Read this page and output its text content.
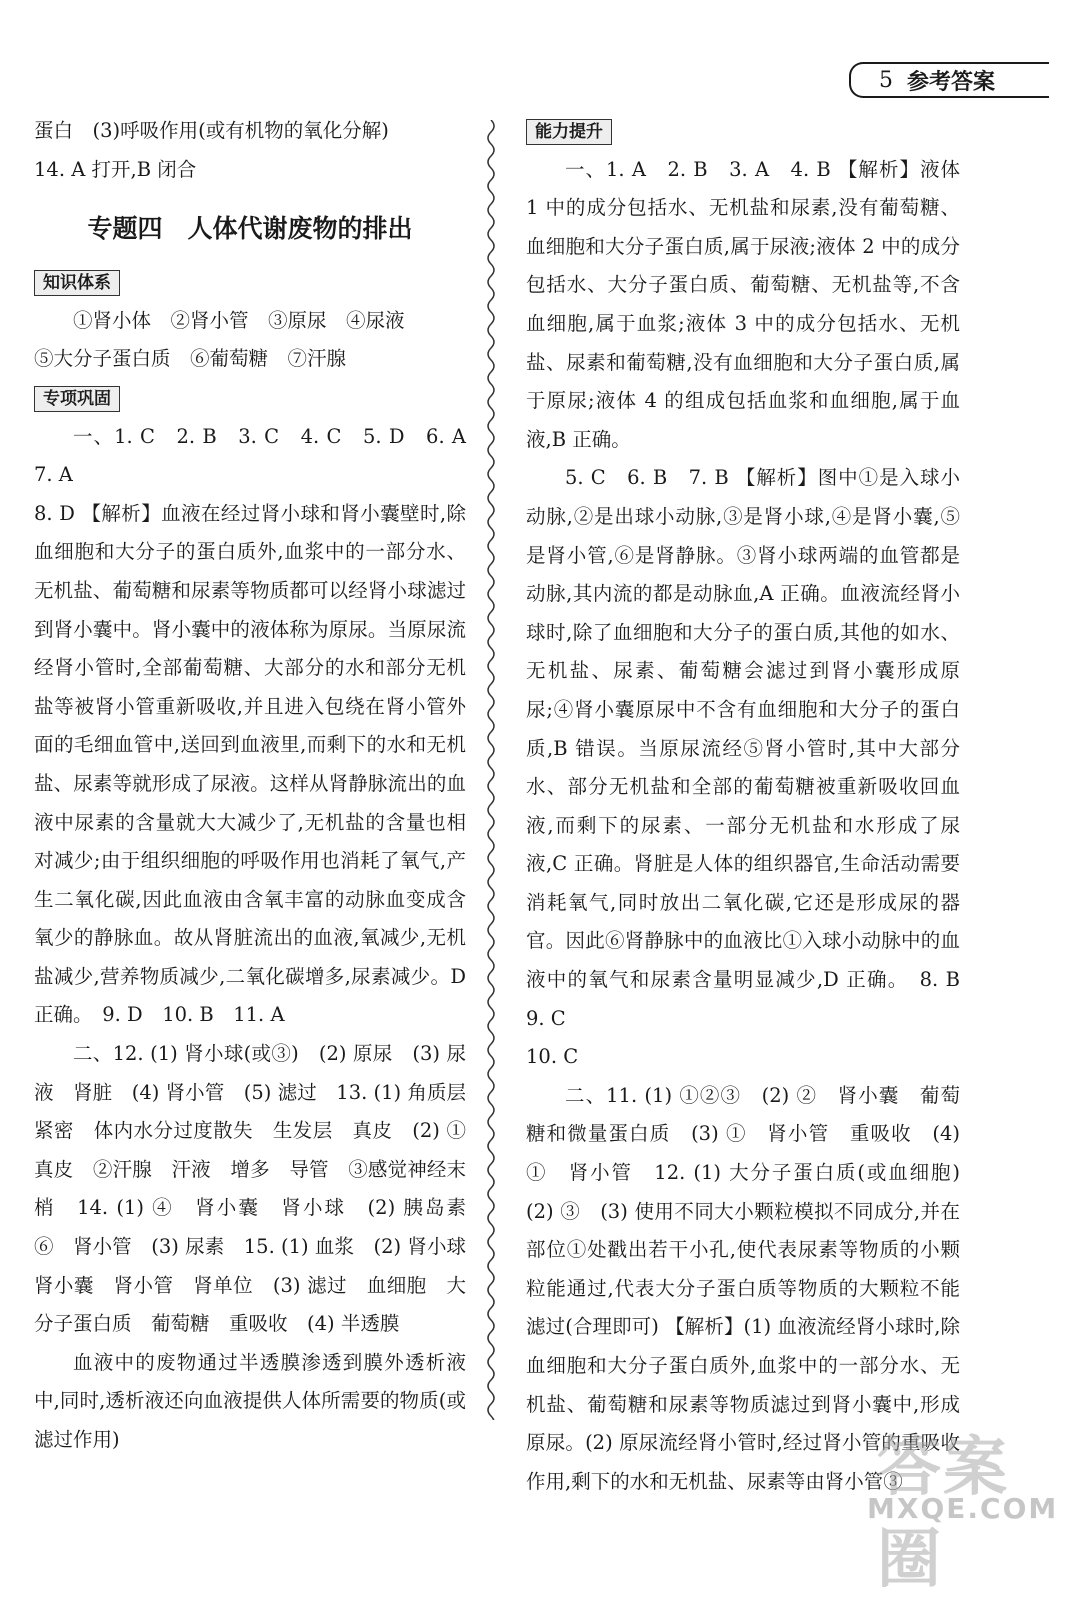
5 参考答案

蛋白　(3)呼吸作用(或有机物的氧化分解)

14. A 打开,B 闭合

专题四　人体代谢废物的排出
知识体系

①肾小体　②肾小管　③原尿　④尿液

⑤大分子蛋白质　⑥葡萄糖　⑦汗腺

专项巩固

一、1. C　2. B　3. C　4. C　5. D　6. A　7. A

8. D 【解析】血液在经过肾小球和肾小囊壁时,除血细胞和大分子的蛋白质外,血浆中的一部分水、无机盐、葡萄糖和尿素等物质都可以经肾小球滤过到肾小囊中。肾小囊中的液体称为原尿。当原尿流经肾小管时,全部葡萄糖、大部分的水和部分无机盐等被肾小管重新吸收,并且进入包绕在肾小管外面的毛细血管中,送回到血液里,而剩下的水和无机盐、尿素等就形成了尿液。这样从肾静脉流出的血液中尿素的含量就大大减少了,无机盐的含量也相对减少;由于组织细胞的呼吸作用也消耗了氧气,产生二氧化碳,因此血液由含氧丰富的动脉血变成含氧少的静脉血。故从肾脏流出的血液,氧减少,无机盐减少,营养物质减少,二氧化碳增多,尿素减少。D 正确。　9. D　10. B　11. A

二、12. (1) 肾小球(或③)　(2) 原尿　(3) 尿液　肾脏　(4) 肾小管　(5) 滤过　13. (1) 角质层紧密　体内水分过度散失　生发层　真皮　(2) ①真皮　②汗腺　汗液　增多　导管　③感觉神经末梢　14. (1) ④　肾小囊　肾小球　(2) 胰岛素　⑥　肾小管　(3) 尿素　15. (1) 血浆　(2) 肾小球　肾小囊　肾小管　肾单位　(3) 滤过　血细胞　大分子蛋白质　葡萄糖　重吸收　(4) 半透膜

血液中的废物通过半透膜渗透到膜外透析液中,同时,透析液还向血液提供人体所需要的物质(或滤过作用)

能力提升

一、1. A　2. B　3. A　4. B 【解析】液体 1 中的成分包括水、无机盐和尿素,没有葡萄糖、血细胞和大分子蛋白质,属于尿液;液体 2 中的成分包括水、大分子蛋白质、葡萄糖、无机盐等,不含血细胞,属于血浆;液体 3 中的成分包括水、无机盐、尿素和葡萄糖,没有血细胞和大分子蛋白质,属于原尿;液体 4 的组成包括血浆和血细胞,属于血液,B 正确。

5. C　6. B　7. B 【解析】图中①是入球小动脉,②是出球小动脉,③是肾小球,④是肾小囊,⑤是肾小管,⑥是肾静脉。③肾小球两端的血管都是动脉,其内流的都是动脉血,A 正确。血液流经肾小球时,除了血细胞和大分子的蛋白质,其他的如水、无机盐、尿素、葡萄糖会滤过到肾小囊形成原尿;④肾小囊原尿中不含有血细胞和大分子的蛋白质,B 错误。当原尿流经⑤肾小管时,其中大部分水、部分无机盐和全部的葡萄糖被重新吸收回血液,而剩下的尿素、一部分无机盐和水形成了尿液,C 正确。肾脏是人体的组织器官,生命活动需要消耗氧气,同时放出二氧化碳,它还是形成尿的器官。因此⑥肾静脉中的血液比①入球小动脉中的血液中的氧气和尿素含量明显减少,D 正确。　8. B　9. C

10. C

二、11. (1) ①②③　(2) ②　肾小囊　葡萄糖和微量蛋白质　(3) ①　肾小管　重吸收　(4) ①　肾小管　12. (1) 大分子蛋白质(或血细胞)　(2) ③　(3) 使用不同大小颗粒模拟不同成分,并在部位①处戳出若干小孔,使代表尿素等物质的小颗粒能通过,代表大分子蛋白质等物质的大颗粒不能滤过(合理即可) 【解析】(1) 血液流经肾小球时,除血细胞和大分子蛋白质外,血浆中的一部分水、无机盐、葡萄糖和尿素等物质滤过到肾小囊中,形成原尿。(2) 原尿流经肾小管时,经过肾小管的重吸收作用,剩下的水和无机盐、尿素等由肾小管③

答案圈
MXQE.COM
